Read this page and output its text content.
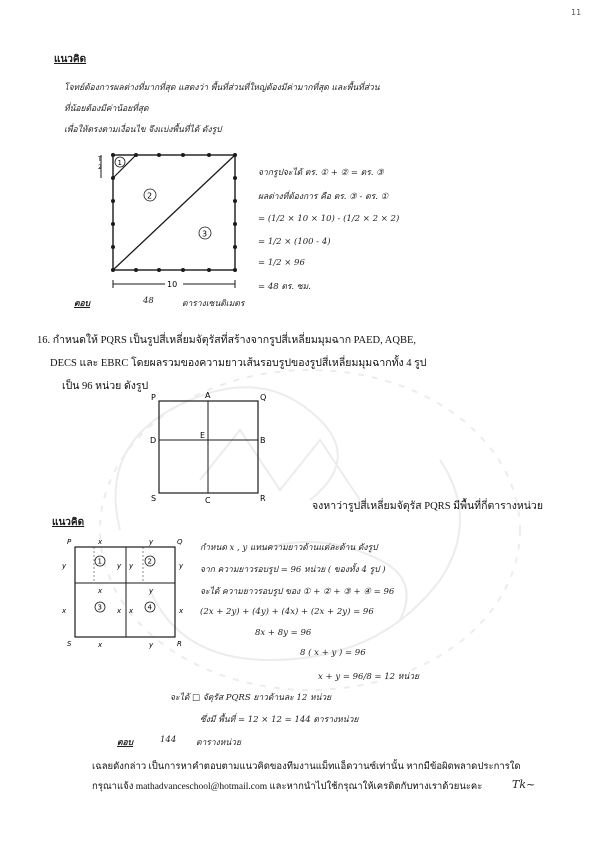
11
แนวคิด
โจทย์ต้องการผลต่างที่มากที่สุด แสดงว่า พื้นที่ส่วนที่ใหญ่ต้องมีค่ามากที่สุด และพื้นที่ส่วน
ที่น้อยต้องมีค่าน้อยที่สุด
เพื่อให้ตรงตามเงื่อนไข จึงแบ่งพื้นที่ได้ ดังรูป
T
2
1
2
3
10
จากรูปจะได้ ตร. ① + ② = ตร. ③
ผลต่างที่ต้องการ คือ ตร. ③ - ตร. ①
= (1/2 × 10 × 10) - (1/2 × 2 × 2)
= 1/2 × (100 - 4)
= 1/2 × 96
= 48 ตร. ซม.
ตอบ	48	ตารางเซนติเมตร
16. กำหนดให้ PQRS เป็นรูปสี่เหลี่ยมจัตุรัสที่สร้างจากรูปสี่เหลี่ยมมุมฉาก PAED, AQBE,
DECS และ EBRC โดยผลรวมของความยาวเส้นรอบรูปของรูปสี่เหลี่ยมมุมฉากทั้ง 4 รูป
เป็น 96 หน่วย ดังรูป
P	A	Q
D
E
B
S	C	R
จงหาว่ารูปสี่เหลี่ยมจัตุรัส PQRS มีพื้นที่กี่ตารางหน่วย
แนวคิด
P	Q
S	R
x	y
y
x
y y
x x
y
x
x	y
x	y
1	2
3	4
กำหนด x , y แทนความยาวด้านแต่ละด้าน ดังรูป
จาก ความยาวรอบรูป = 96 หน่วย ( ของทั้ง 4 รูป )
จะได้ ความยาวรอบรูป ของ ① + ② + ③ + ④ = 96
(2x + 2y) + (4y) + (4x) + (2x + 2y) = 96
8x + 8y = 96
8 ( x + y ) = 96
x + y = 96/8 = 12 หน่วย
จะได้ □ จัตุรัส PQRS ยาวด้านละ 12 หน่วย
ซึ่งมี พื้นที่ = 12 × 12 = 144 ตารางหน่วย
ตอบ	144 ตารางหน่วย
เฉลยดังกล่าว เป็นการหาคำตอบตามแนวคิดของทีมงานแม็ทแอ็ดวานซ์เท่านั้น หากมีข้อผิดพลาดประการใด
กรุณาแจ้ง mathadvanceschool@hotmail.com และหากนำไปใช้กรุณาให้เครดิตกับทางเราด้วยนะคะ	Tk~
